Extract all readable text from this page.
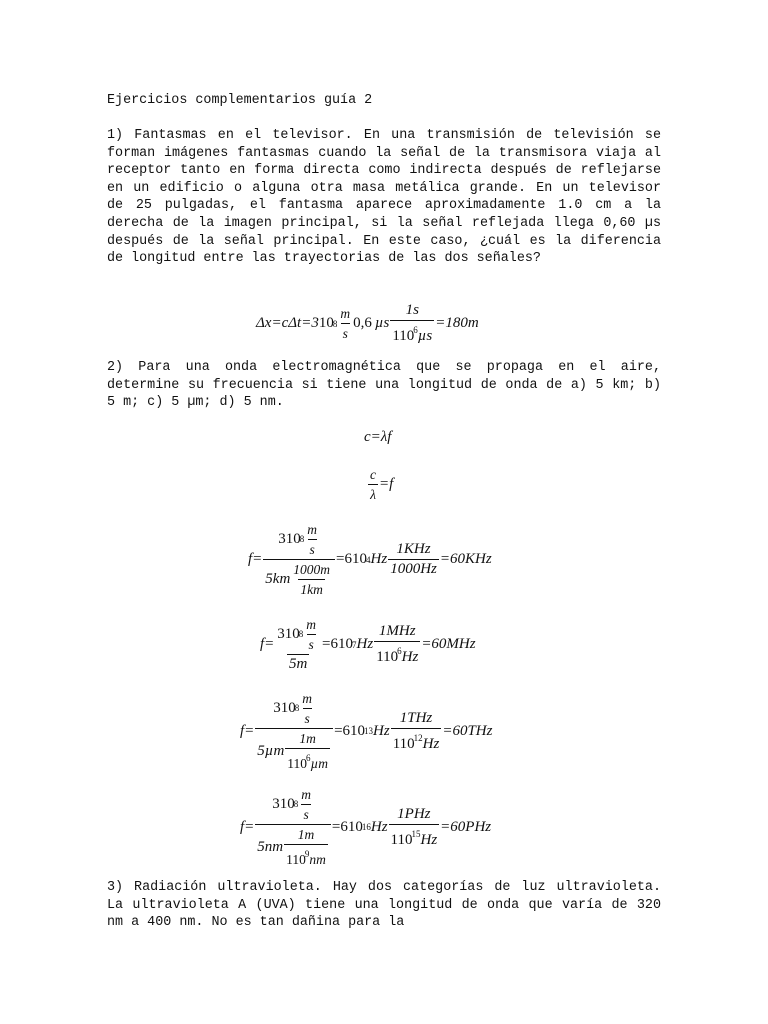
Ejercicios complementarios guía 2

1) Fantasmas en el televisor. En una transmisión de televisión se forman imágenes fantasmas cuando la señal de la transmisora viaja al receptor tanto en forma directa como indirecta después de reflejarse en un edificio o alguna otra masa metálica grande. En un televisor de 25 pulgadas, el fantasma aparece aproximadamente 1.0 cm a la derecha de la imagen principal, si la señal reflejada llega 0,60 µs después de la señal principal. En este caso, ¿cuál es la diferencia de longitud entre las trayectorias de las dos señales?

Δx=cΔt=3 10 $8 \frac{m}{s} 0,6$ µs $\frac{1s}{110^6\mu s} =180m$

2) Para una onda electromagnética que se propaga en el aire, determine su frecuencia si tiene una longitud de onda de a) 5 km; b) 5 m; c) 5 µm; d) 5 nm.

c=λf
$\frac{c}{\lambda} =f$
$f= \frac{3 10 8 \frac{m}{s}}{5km \frac{1000m}{1km}} =6$ 10 4 Hz $\frac{\text{1KHz}}{1000Hz} =60KHz$
$f= \frac{3 10 8 \frac{m}{s}}{5m} =6$ 10 7 Hz $\frac{\text{1MHz}}{110^6Hz} =60MHz$
$f= \frac{3 10 8 \frac{m}{s}}{5\mu m \frac{1m}{110^6\mu m}} =6$ 10 13 Hz $\frac{\text{1THz}}{110^{12}Hz} =60THz$
$f= \frac{3 10 8 \frac{m}{s}}{5nm \frac{1m}{110^9nm}} =6$ 10 16 Hz $\frac{\text{1PHz}}{110^{15}Hz} =60PHz$

3) Radiación ultravioleta. Hay dos categorías de luz ultravioleta. La ultravioleta A (UVA) tiene una longitud de onda que varía de 320 nm a 400 nm. No es tan dañina para la
